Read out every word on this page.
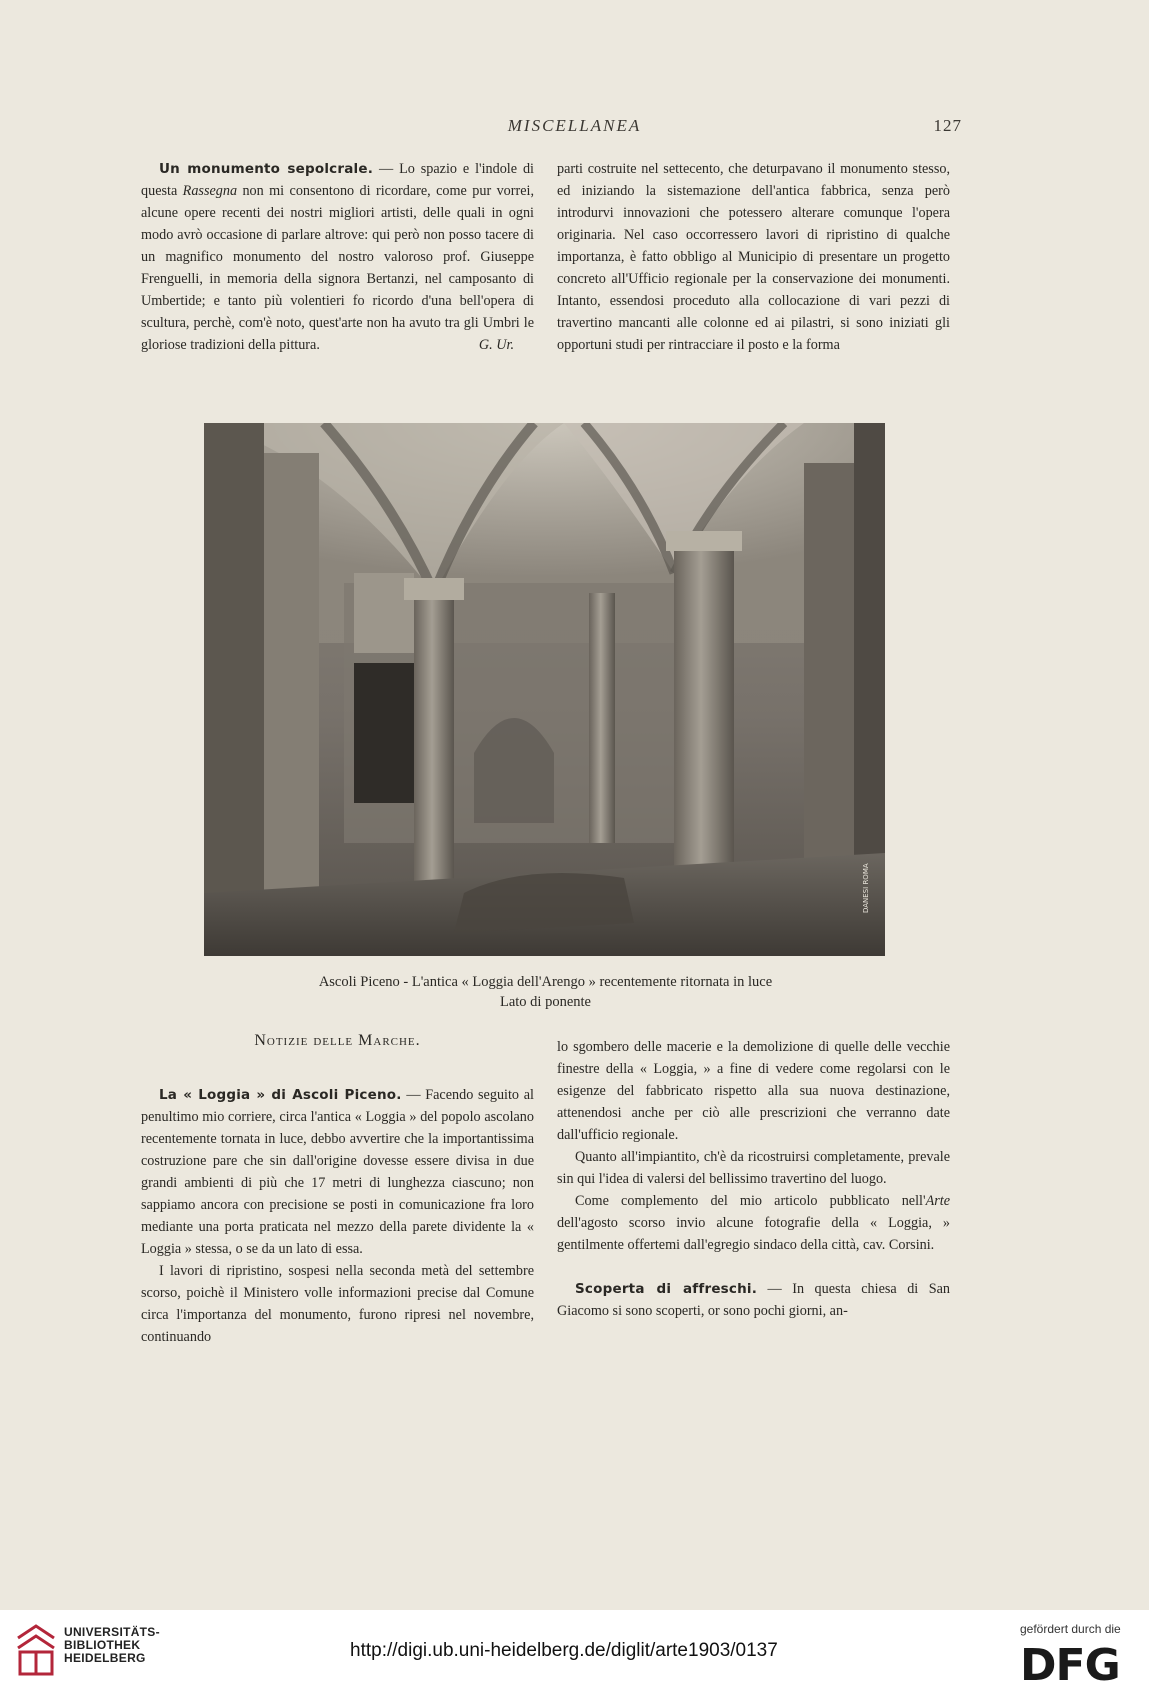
MISCELLANEA	127

Un monumento sepolcrale. — Lo spazio e l'indole di questa Rassegna non mi consentono di ricordare, come pur vorrei, alcune opere recenti dei nostri migliori artisti, delle quali in ogni modo avrò occasione di parlare altrove: qui però non posso tacere di un magnifico monumento del nostro valoroso prof. Giuseppe Frenguelli, in memoria della signora Bertanzi, nel camposanto di Umbertide; e tanto più volentieri fo ricordo d'una bell'opera di scultura, perchè, com'è noto, quest'arte non ha avuto tra gli Umbri le gloriose tradizioni della pittura.	G. Ur.

parti costruite nel settecento, che deturpavano il monumento stesso, ed iniziando la sistemazione dell'antica fabbrica, senza però introdurvi innovazioni che potessero alterare comunque l'opera originaria. Nel caso occorressero lavori di ripristino di qualche importanza, è fatto obbligo al Municipio di presentare un progetto concreto all'Ufficio regionale per la conservazione dei monumenti. Intanto, essendosi proceduto alla collocazione di vari pezzi di travertino mancanti alle colonne ed ai pilastri, si sono iniziati gli opportuni studi per rintracciare il posto e la forma

DANESI ROMA
Ascoli Piceno - L'antica « Loggia dell'Arengo » recentemente ritornata in luce
Lato di ponente
Notizie delle Marche.

La « Loggia » di Ascoli Piceno. — Facendo seguito al penultimo mio corriere, circa l'antica « Loggia » del popolo ascolano recentemente tornata in luce, debbo avvertire che la importantissima costruzione pare che sin dall'origine dovesse essere divisa in due grandi ambienti di più che 17 metri di lunghezza ciascuno; non sappiamo ancora con precisione se posti in comunicazione fra loro mediante una porta praticata nel mezzo della parete dividente la « Loggia » stessa, o se da un lato di essa.

I lavori di ripristino, sospesi nella seconda metà del settembre scorso, poichè il Ministero volle informazioni precise dal Comune circa l'importanza del monumento, furono ripresi nel novembre, continuando

lo sgombero delle macerie e la demolizione di quelle delle vecchie finestre della « Loggia, » a fine di vedere come regolarsi con le esigenze del fabbricato rispetto alla sua nuova destinazione, attenendosi anche per ciò alle prescrizioni che verranno date dall'ufficio regionale.

Quanto all'impiantito, ch'è da ricostruirsi completamente, prevale sin qui l'idea di valersi del bellissimo travertino del luogo.

Come complemento del mio articolo pubblicato nell'Arte dell'agosto scorso invio alcune fotografie della « Loggia, » gentilmente offertemi dall'egregio sindaco della città, cav. Corsini.

Scoperta di affreschi. — In questa chiesa di San Giacomo si sono scoperti, or sono pochi giorni, an-

UNIVERSITÄTS-
BIBLIOTHEK
HEIDELBERG	http://digi.ub.uni-heidelberg.de/diglit/arte1903/0137
gefördert durch die
DFG
